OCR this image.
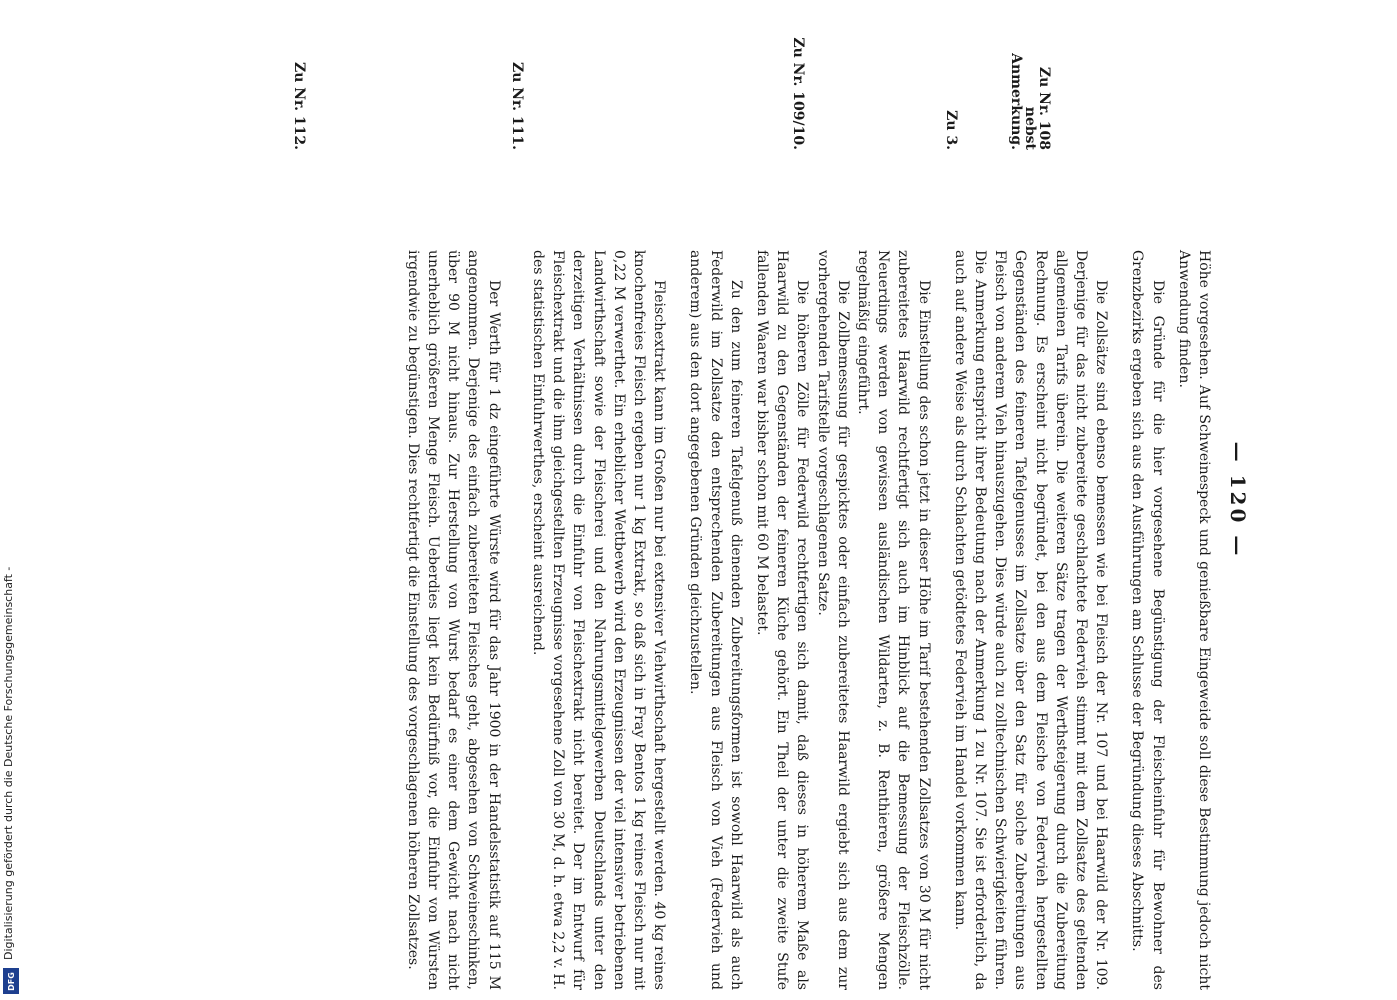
— 120 —
Zu 3.	Zu Nr. 108
nebst Anmerkung.
Zu Nr. 109/10.
Zu Nr. 111.
Zu Nr. 112.

Höhe vorgesehen. Auf Schweinespeck und genießbare Eingeweide soll diese Bestimmung jedoch nicht Anwendung finden.

Die Gründe für die hier vorgesehene Begünstigung der Fleischeinfuhr für Bewohner des Grenzbezirks ergeben sich aus den Ausführungen am Schlusse der Begründung dieses Abschnitts.

Die Zollsätze sind ebenso bemessen wie bei Fleisch der Nr. 107 und bei Haarwild der Nr. 109. Derjenige für das nicht zubereitete geschlachtete Federvieh stimmt mit dem Zollsatze des geltenden allgemeinen Tarifs überein. Die weiteren Sätze tragen der Werthsteigerung durch die Zubereitung Rechnung. Es erscheint nicht begründet, bei den aus dem Fleische von Federvieh hergestellten Gegenständen des feineren Tafelgenusses im Zollsatze über den Satz für solche Zubereitungen aus Fleisch von anderem Vieh hinauszugehen. Dies würde auch zu zolltechnischen Schwierigkeiten führen. Die Anmerkung entspricht ihrer Bedeutung nach der Anmerkung 1 zu Nr. 107. Sie ist erforderlich, da auch auf andere Weise als durch Schlachten getödtetes Federvieh im Handel vorkommen kann.

Die Einstellung des schon jetzt in dieser Höhe im Tarif bestehenden Zollsatzes von 30 M für nicht zubereitetes Haarwild rechtfertigt sich auch im Hinblick auf die Bemessung der Fleischzölle. Neuerdings werden von gewissen ausländischen Wildarten, z. B. Renthieren, größere Mengen regelmäßig eingeführt.

Die Zollbemessung für gespicktes oder einfach zubereitetes Haarwild ergiebt sich aus dem zur vorhergehenden Tarifstelle vorgeschlagenen Satze.

Die höheren Zölle für Federwild rechtfertigen sich damit, daß dieses in höherem Maße als Haarwild zu den Gegenständen der feineren Küche gehört. Ein Theil der unter die zweite Stufe fallenden Waaren war bisher schon mit 60 M belastet.

Zu den zum feineren Tafelgenuß dienenden Zubereitungsformen ist sowohl Haarwild als auch Federwild im Zollsatze den entsprechenden Zubereitungen aus Fleisch von Vieh (Federvieh und anderem) aus den dort angegebenen Gründen gleichzustellen.

Fleischextrakt kann im Großen nur bei extensiver Viehwirthschaft hergestellt werden. 40 kg reines knochenfreies Fleisch ergeben nur 1 kg Extrakt, so daß sich in Fray Bentos 1 kg reines Fleisch nur mit 0,22 M verwerthet. Ein erheblicher Wettbewerb wird den Erzeugnissen der viel intensiver betriebenen Landwirthschaft sowie der Fleischerei und den Nahrungsmittelgewerben Deutschlands unter den derzeitigen Verhältnissen durch die Einfuhr von Fleischextrakt nicht bereitet. Der im Entwurf für Fleischextrakt und die ihm gleichgestellten Erzeugnisse vorgesehene Zoll von 30 M, d. h. etwa 2,2 v. H. des statistischen Einfuhrwerthes, erscheint ausreichend.

Der Werth für 1 dz eingeführte Würste wird für das Jahr 1900 in der Handelsstatistik auf 115 M angenommen. Derjenige des einfach zubereiteten Fleisches geht, abgesehen von Schweineschinken, über 90 M nicht hinaus. Zur Herstellung von Wurst bedarf es einer dem Gewicht nach nicht unerheblich größeren Menge Fleisch. Ueberdies liegt kein Bedürfniß vor, die Einfuhr von Würsten irgendwie zu begünstigen. Dies rechtfertigt die Einstellung des vorgeschlagenen höheren Zollsatzes.

Digitalisierung gefördert durch die Deutsche Forschungsgemeinschaft -
DFG
